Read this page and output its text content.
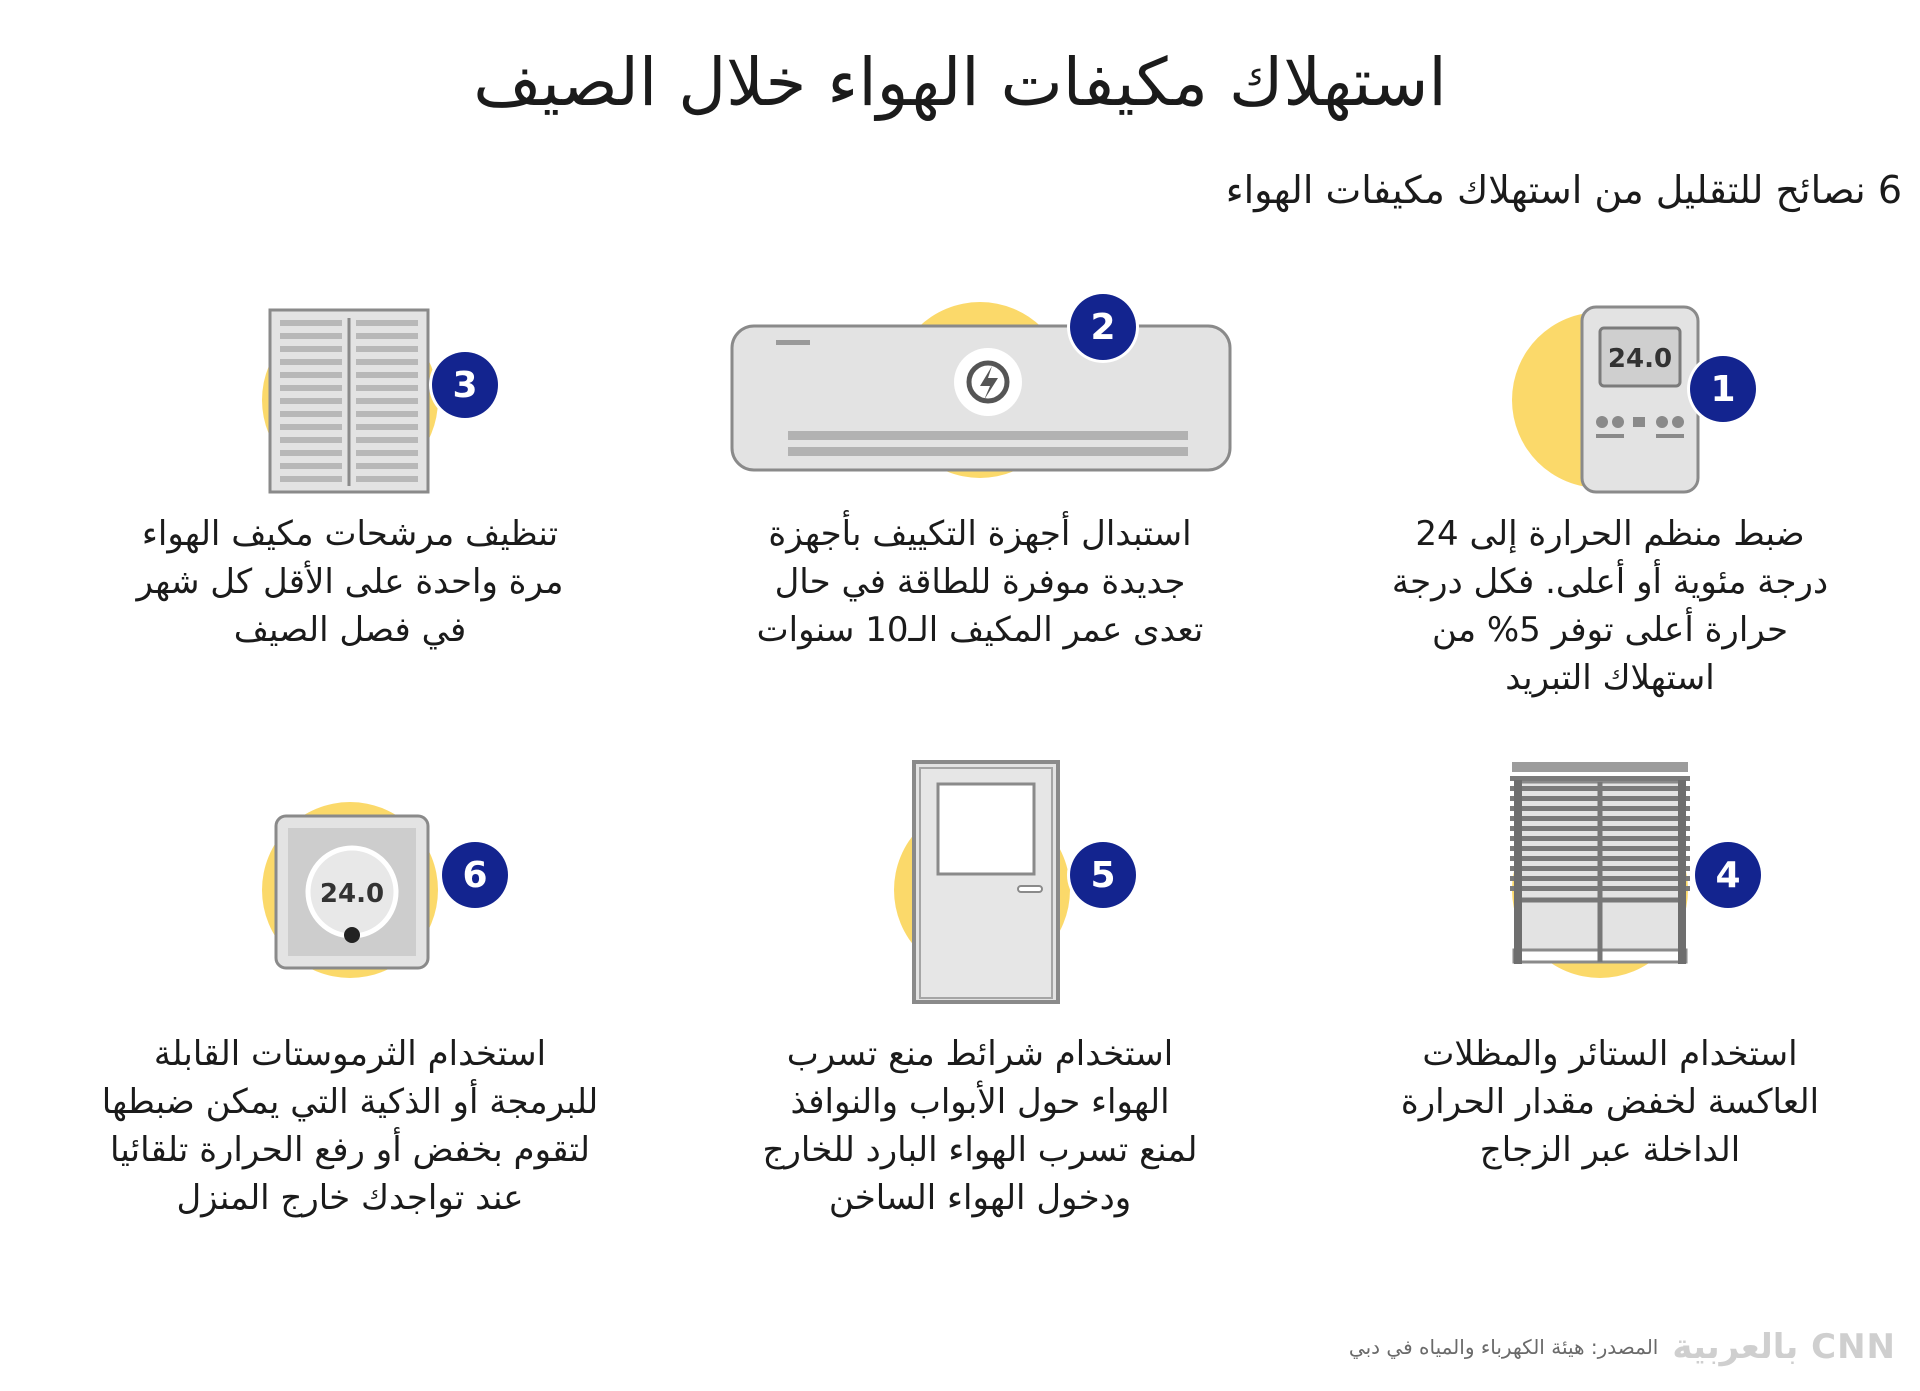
استهلاك مكيفات الهواء خلال الصيف
6 نصائح للتقليل من استهلاك مكيفات الهواء
24.0
1
ضبط منظم الحرارة إلى 24
درجة مئوية أو أعلى. فكل درجة
حرارة أعلى توفر 5% من
استهلاك التبريد
2
استبدال أجهزة التكييف بأجهزة
جديدة موفرة للطاقة في حال
تعدى عمر المكيف الـ10 سنوات
3
تنظيف مرشحات مكيف الهواء
مرة واحدة على الأقل كل شهر
في فصل الصيف
4
استخدام الستائر والمظلات
العاكسة لخفض مقدار الحرارة
الداخلة عبر الزجاج
5
استخدام شرائط منع تسرب
الهواء حول الأبواب والنوافذ
لمنع تسرب الهواء البارد للخارج
ودخول الهواء الساخن
24.0	6
استخدام الثرموستات القابلة
للبرمجة أو الذكية التي يمكن ضبطها
لتقوم بخفض أو رفع الحرارة تلقائيا
عند تواجدك خارج المنزل
CNN بالعربية
المصدر: هيئة الكهرباء والمياه في دبي
